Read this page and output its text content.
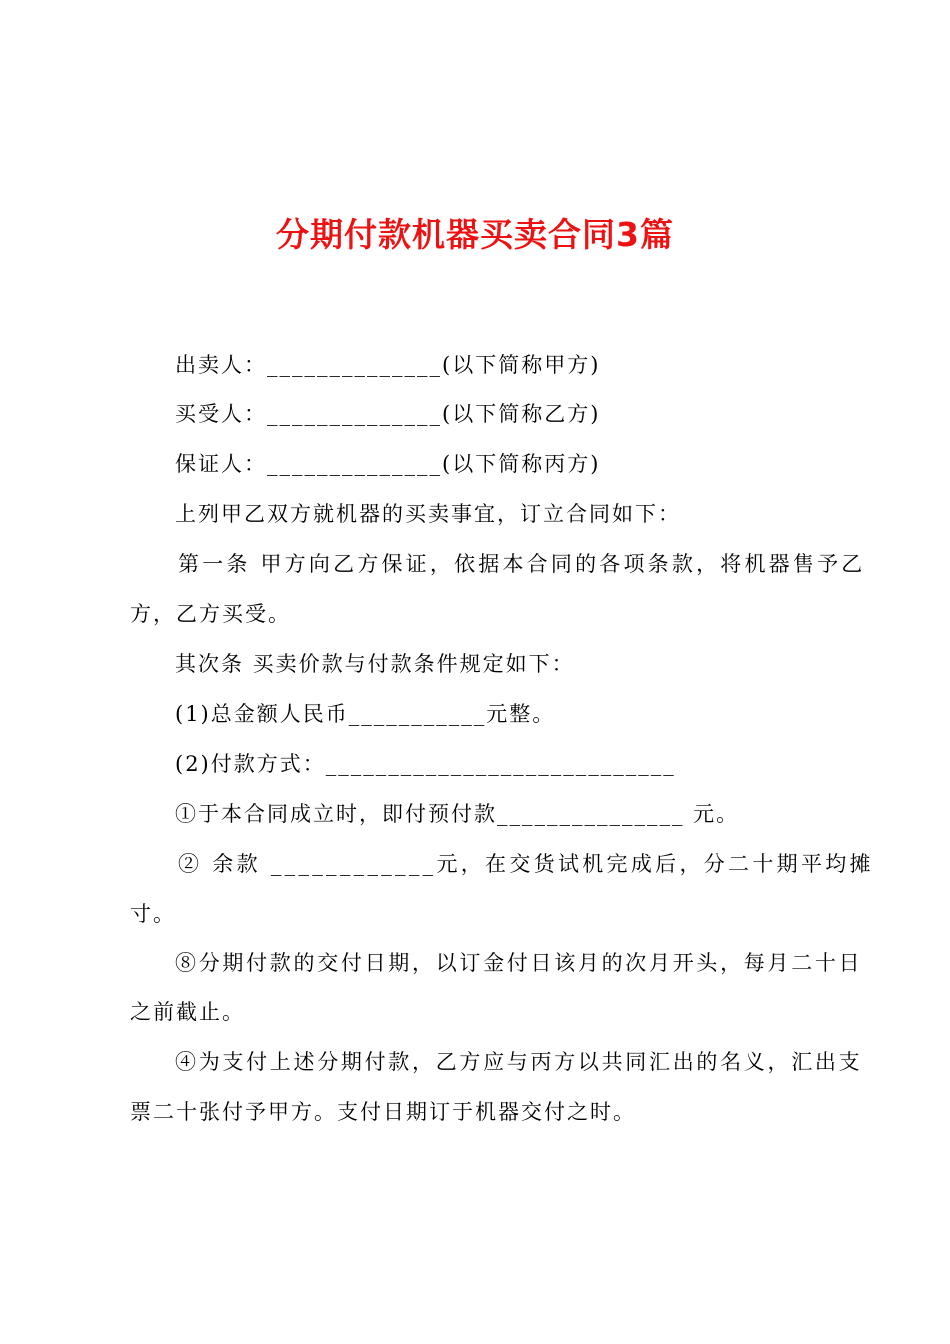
分期付款机器买卖合同3篇
出卖人：______________(以下简称甲方)
买受人：______________(以下简称乙方)
保证人：______________(以下简称丙方)
上列甲乙双方就机器的买卖事宜，订立合同如下：
第一条 甲方向乙方保证，依据本合同的各项条款，将机器售予乙
方，乙方买受。
其次条 买卖价款与付款条件规定如下：
(1)总金额人民币___________元整。
(2)付款方式：____________________________
①于本合同成立时，即付预付款_______________ 元。
② 余款 ____________元，在交货试机完成后，分二十期平均摊
寸。
⑧分期付款的交付日期，以订金付日该月的次月开头，每月二十日
之前截止。
④为支付上述分期付款，乙方应与丙方以共同汇出的名义，汇出支
票二十张付予甲方。支付日期订于机器交付之时。
